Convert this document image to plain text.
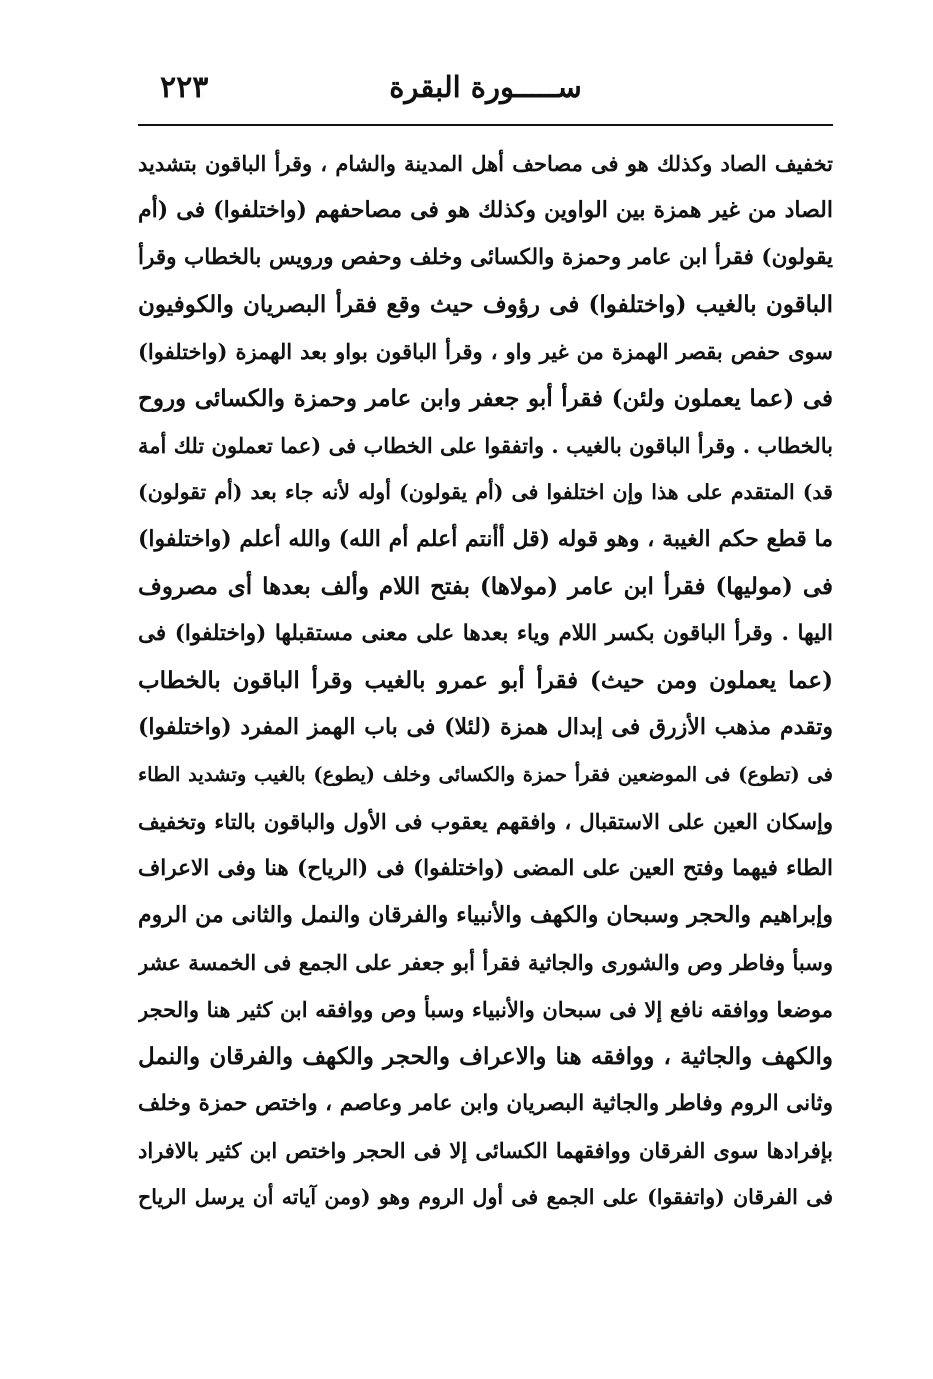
٢٢٣	ســـــورة البقرة
تخفيف الصاد وكذلك هو فى مصاحف أهل المدينة والشام ، وقرأ الباقون بتشديد
الصاد من غير همزة بين الواوين وكذلك هو فى مصاحفهم (واختلفوا) فى (أم
يقولون) فقرأ ابن عامر وحمزة والكسائى وخلف وحفص ورويس بالخطاب وقرأ
الباقون بالغيب (واختلفوا) فى رؤوف حيث وقع فقرأ البصريان والكوفيون
سوى حفص بقصر الهمزة من غير واو ، وقرأ الباقون بواو بعد الهمزة (واختلفوا)
فى (عما يعملون ولئن) فقرأ أبو جعفر وابن عامر وحمزة والكسائى وروح
بالخطاب . وقرأ الباقون بالغيب . واتفقوا على الخطاب فى (عما تعملون تلك أمة
قد) المتقدم على هذا وإن اختلفوا فى (أم يقولون) أوله لأنه جاء بعد (أم تقولون)
ما قطع حكم الغيبة ، وهو قوله (قل أأنتم أعلم أم الله) والله أعلم (واختلفوا)
فى (موليها) فقرأ ابن عامر (مولاها) بفتح اللام وألف بعدها أى مصروف
اليها . وقرأ الباقون بكسر اللام وياء بعدها على معنى مستقبلها (واختلفوا) فى
(عما يعملون ومن حيث) فقرأ أبو عمرو بالغيب وقرأ الباقون بالخطاب
وتقدم مذهب الأزرق فى إبدال همزة (لئلا) فى باب الهمز المفرد (واختلفوا)
فى (تطوع) فى الموضعين فقرأ حمزة والكسائى وخلف (يطوع) بالغيب وتشديد الطاء
وإسكان العين على الاستقبال ، وافقهم يعقوب فى الأول والباقون بالتاء وتخفيف
الطاء فيهما وفتح العين على المضى (واختلفوا) فى (الرياح) هنا وفى الاعراف
وإبراهيم والحجر وسبحان والكهف والأنبياء والفرقان والنمل والثانى من الروم
وسبأ وفاطر وص والشورى والجاثية فقرأ أبو جعفر على الجمع فى الخمسة عشر
موضعا ووافقه نافع إلا فى سبحان والأنبياء وسبأ وص ووافقه ابن كثير هنا والحجر
والكهف والجاثية ، ووافقه هنا والاعراف والحجر والكهف والفرقان والنمل
وثانى الروم وفاطر والجاثية البصريان وابن عامر وعاصم ، واختص حمزة وخلف
بإفرادها سوى الفرقان ووافقهما الكسائى إلا فى الحجر واختص ابن كثير بالافراد
فى الفرقان (واتفقوا) على الجمع فى أول الروم وهو (ومن آياته أن يرسل الرياح
